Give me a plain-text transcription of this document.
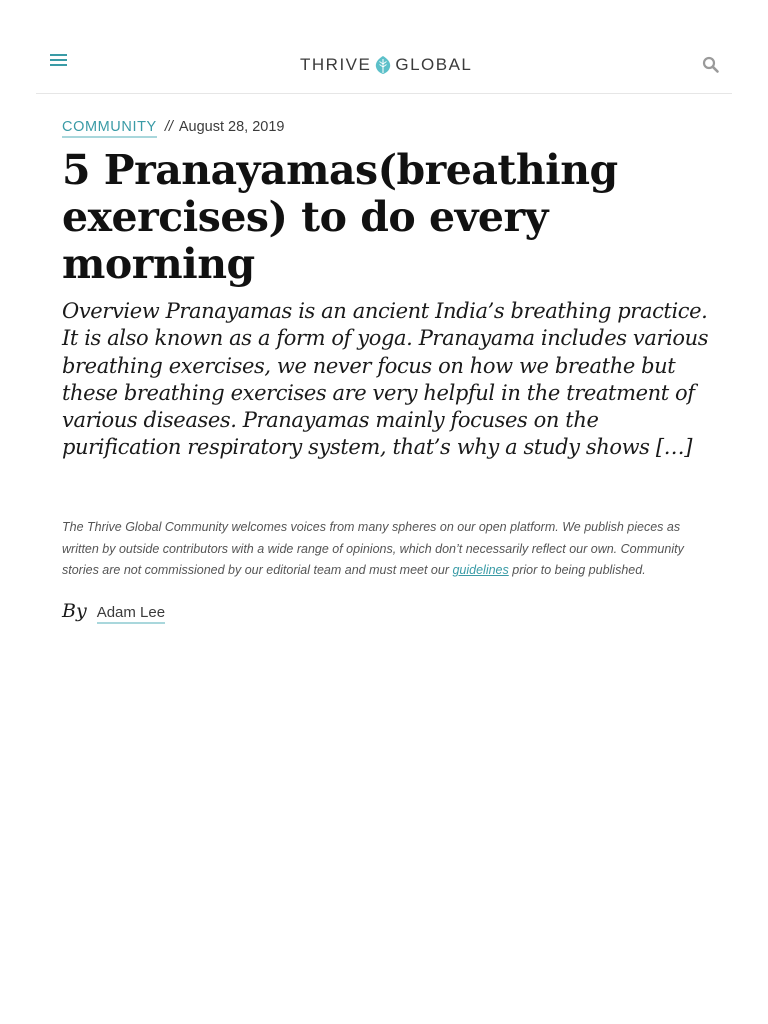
THRIVE GLOBAL
COMMUNITY // August 28, 2019
5 Pranayamas(breathing exercises) to do every morning

Overview Pranayamas is an ancient India’s breathing practice. It is also known as a form of yoga. Pranayama includes various breathing exercises, we never focus on how we breathe but these breathing exercises are very helpful in the treatment of various diseases. Pranayamas mainly focuses on the purification respiratory system, that’s why a study shows […]

The Thrive Global Community welcomes voices from many spheres on our open platform. We publish pieces as written by outside contributors with a wide range of opinions, which don’t necessarily reflect our own. Community stories are not commissioned by our editorial team and must meet our guidelines prior to being published.

By Adam Lee
